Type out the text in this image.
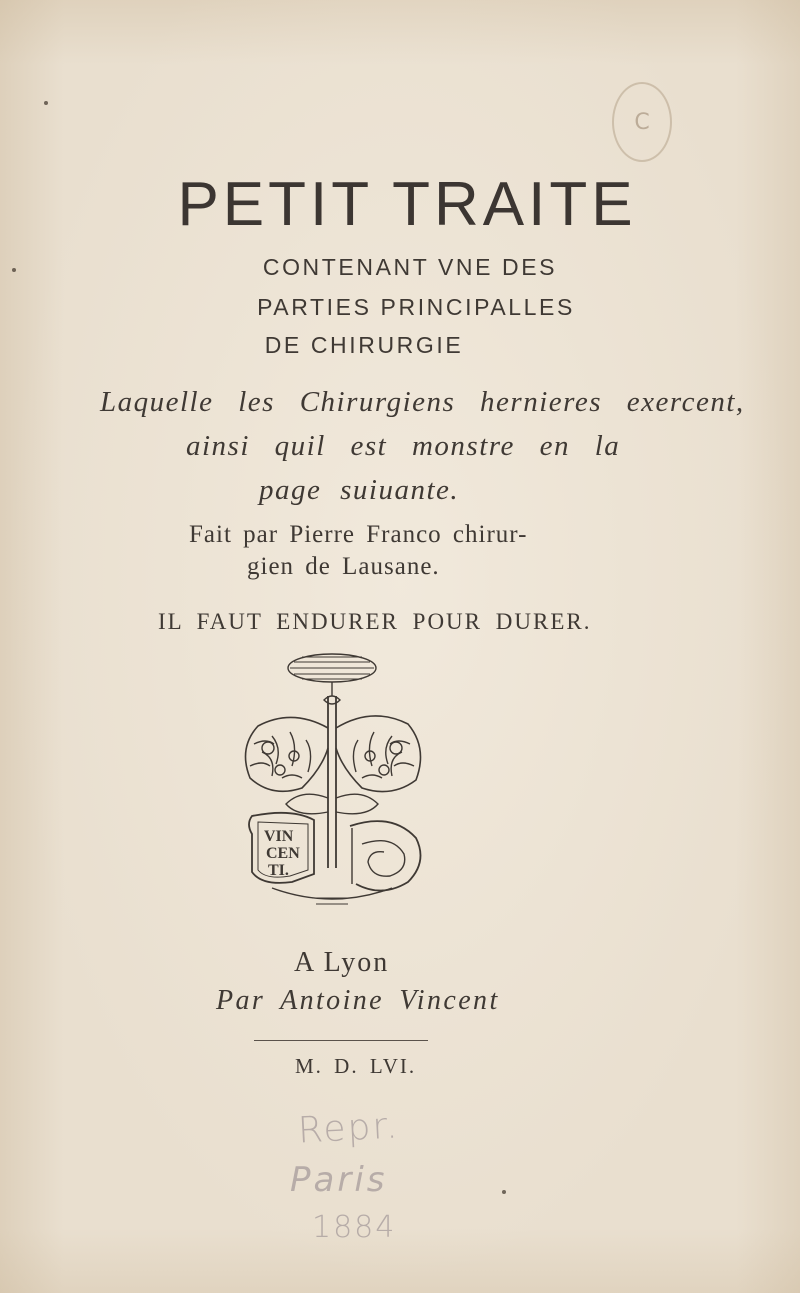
C
PETIT TRAITE

CONTENANT VNE DES

PARTIES PRINCIPALLES

DE CHIRURGIE

Laquelle les Chirurgiens hernieres exercent,

ainsi quil est monstre en la

page suiuante.

Fait par Pierre Franco chirur-

gien de Lausane.

IL FAUT ENDURER POUR DURER.

VIN
CEN
TI.

A Lyon

Par Antoine Vincent

M. D. LVI.

Repr.

Paris

1884
